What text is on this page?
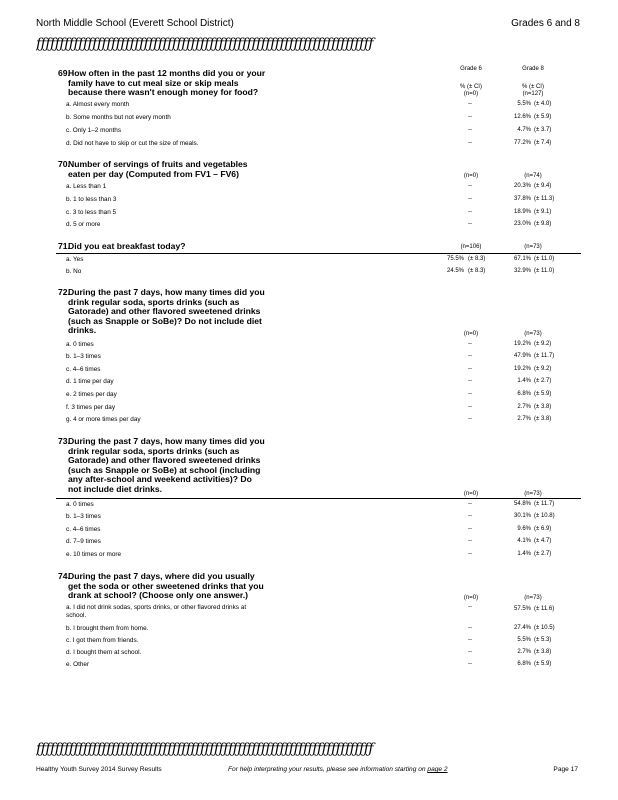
North Middle School (Everett School District)	Grades 6 and 8
ƒƒƒƒƒƒƒƒƒƒƒƒƒƒƒƒƒƒƒƒƒƒƒƒƒƒƒƒƒƒƒƒƒƒƒƒƒƒƒƒƒƒƒƒƒƒƒƒƒƒƒƒƒƒƒƒƒƒƒƒƒƒƒƒƒƒƒƒƒƒƒƒ
Grade 6	Grade 8
% (± CI)	% (± CI)
69.
How often in the past 12 months did you or your
family have to cut meal size or skip meals
because there wasn't enough money for food?	(n=0)	(n=127)
a. Almost every month	--	5.5% (± 4.0)
b. Some months but not every month	--	12.6% (± 5.9)
c. Only 1–2 months	--	4.7% (± 3.7)
d. Did not have to skip or cut the size of meals.	--	77.2% (± 7.4)
70.
Number of servings of fruits and vegetables
eaten per day (Computed from FV1 – FV6)	(n=0)	(n=74)
a. Less than 1	--	20.3% (± 9.4)
b. 1 to less than 3	--	37.8% (± 11.3)
c. 3 to less than 5	--	18.9% (± 9.1)
d. 5 or more	--	23.0% (± 9.8)
71.
Did you eat breakfast today?	(n=106)	(n=73)
a. Yes	75.5% (± 8.3)	67.1% (± 11.0)
b. No	24.5% (± 8.3)	32.9% (± 11.0)
72.
During the past 7 days, how many times did you
drink regular soda, sports drinks (such as
Gatorade) and other flavored sweetened drinks
(such as Snapple or SoBe)? Do not include diet
drinks.	(n=0)	(n=73)
a. 0 times	--	19.2% (± 9.2)
b. 1–3 times	--	47.9% (± 11.7)
c. 4–6 times	--	19.2% (± 9.2)
d. 1 time per day	--	1.4% (± 2.7)
e. 2 times per day	--	6.8% (± 5.9)
f. 3 times per day	--	2.7% (± 3.8)
g. 4 or more times per day	--	2.7% (± 3.8)
73.
During the past 7 days, how many times did you
drink regular soda, sports drinks (such as
Gatorade) and other flavored sweetened drinks
(such as Snapple or SoBe) at school (including
any after-school and weekend activities)? Do
not include diet drinks.
(n=0)	(n=73)
a. 0 times	--	54.8% (± 11.7)
b. 1–3 times	--	30.1% (± 10.8)
c. 4–6 times	--	9.6% (± 6.9)
d. 7–9 times	--	4.1% (± 4.7)
e. 10 times or more	--	1.4% (± 2.7)
74.
During the past 7 days, where did you usually
get the soda or other sweetened drinks that you
drank at school? (Choose only one answer.)	(n=0)	(n=73)
a. I did not drink sodas, sports drinks, or other flavored drinks at school.
--	57.5% (± 11.6)
b. I brought them from home.	--	27.4% (± 10.5)
c. I got them from friends.	--	5.5% (± 5.3)
d. I bought them at school.	--	2.7% (± 3.8)
e. Other	--	6.8% (± 5.9)
ƒƒƒƒƒƒƒƒƒƒƒƒƒƒƒƒƒƒƒƒƒƒƒƒƒƒƒƒƒƒƒƒƒƒƒƒƒƒƒƒƒƒƒƒƒƒƒƒƒƒƒƒƒƒƒƒƒƒƒƒƒƒƒƒƒƒƒƒƒƒƒƒ
Healthy Youth Survey 2014 Survey Results	For help interpreting your results, please see information starting on page 2	Page 17
